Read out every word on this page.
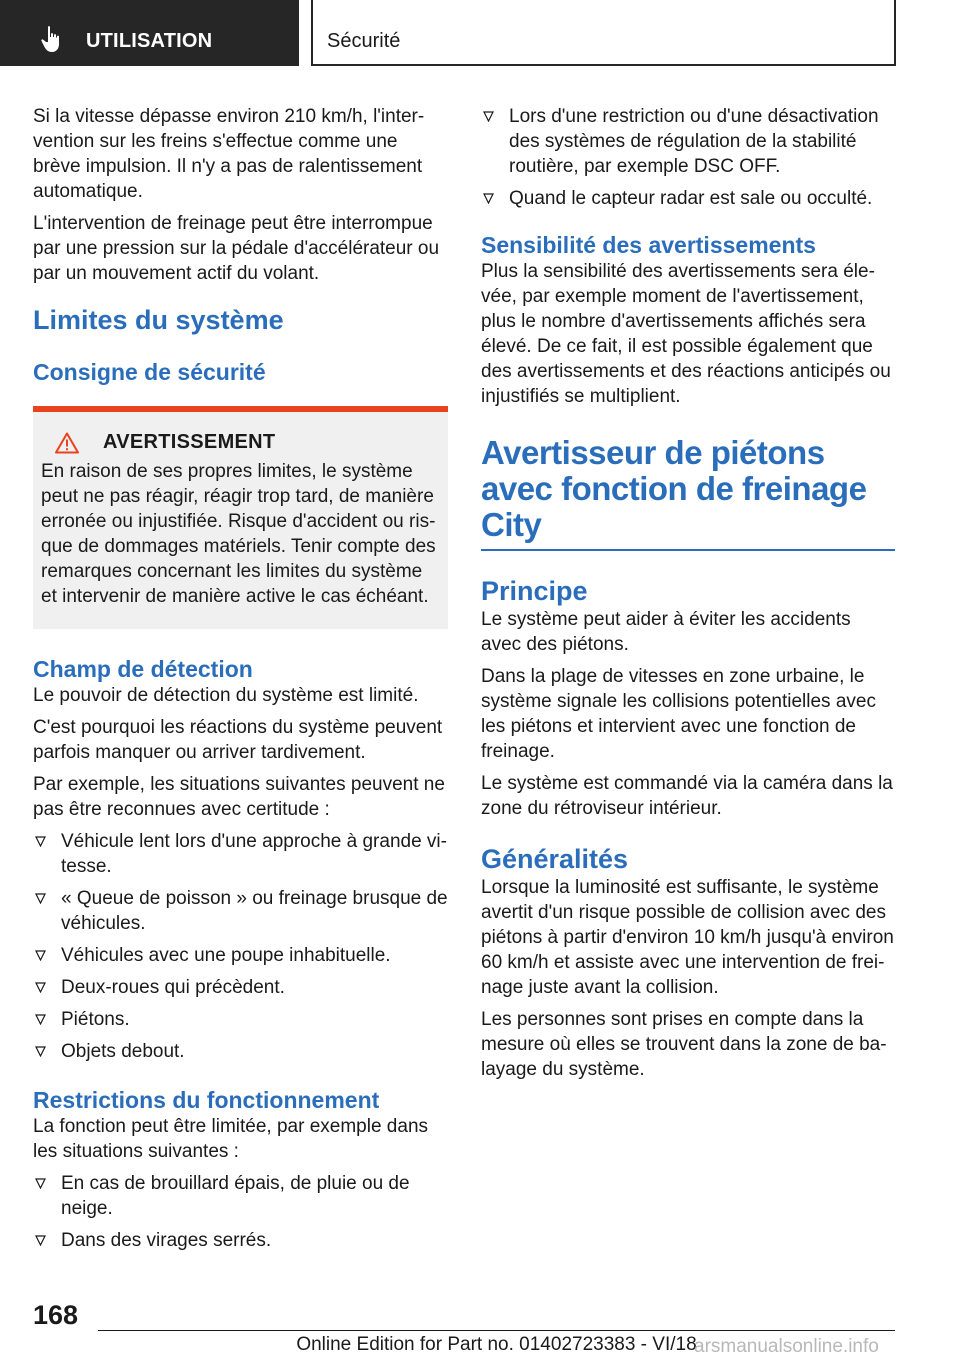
UTILISATION	Sécurité

Si la vitesse dépasse environ 210 km/h, l'inter‐vention sur les freins s'effectue comme une brève impulsion. Il n'y a pas de ralentissement automatique.

L'intervention de freinage peut être interrompue par une pression sur la pédale d'accélérateur ou par un mouvement actif du volant.

Limites du système
Consigne de sécurité
AVERTISSEMENT

En raison de ses propres limites, le système peut ne pas réagir, réagir trop tard, de manière erronée ou injustifiée. Risque d'accident ou ris‐que de dommages matériels. Tenir compte des remarques concernant les limites du système et intervenir de manière active le cas échéant.

Champ de détection

Le pouvoir de détection du système est limité.

C'est pourquoi les réactions du système peuvent parfois manquer ou arriver tardivement.

Par exemple, les situations suivantes peuvent ne pas être reconnues avec certitude :

Véhicule lent lors d'une approche à grande vi‐tesse.
« Queue de poisson » ou freinage brusque de véhicules.
Véhicules avec une poupe inhabituelle.
Deux-roues qui précèdent.
Piétons.
Objets debout.
Restrictions du fonctionnement

La fonction peut être limitée, par exemple dans les situations suivantes :

En cas de brouillard épais, de pluie ou de neige.
Dans des virages serrés.
Lors d'une restriction ou d'une désactivation des systèmes de régulation de la stabilité routière, par exemple DSC OFF.
Quand le capteur radar est sale ou occulté.
Sensibilité des avertissements

Plus la sensibilité des avertissements sera éle‐vée, par exemple moment de l'avertissement, plus le nombre d'avertissements affichés sera élevé. De ce fait, il est possible également que des avertissements et des réactions anticipés ou injustifiés se multiplient.

Avertisseur de piétons avec fonction de freinage City
Principe

Le système peut aider à éviter les accidents avec des piétons.

Dans la plage de vitesses en zone urbaine, le système signale les collisions potentielles avec les piétons et intervient avec une fonction de freinage.

Le système est commandé via la caméra dans la zone du rétroviseur intérieur.

Généralités

Lorsque la luminosité est suffisante, le système avertit d'un risque possible de collision avec des piétons à partir d'environ 10 km/h jusqu'à environ 60 km/h et assiste avec une intervention de frei‐nage juste avant la collision.

Les personnes sont prises en compte dans la mesure où elles se trouvent dans la zone de ba‐layage du système.

168
Online Edition for Part no. 01402723383 - VI/18
arsmanualsonline.info
